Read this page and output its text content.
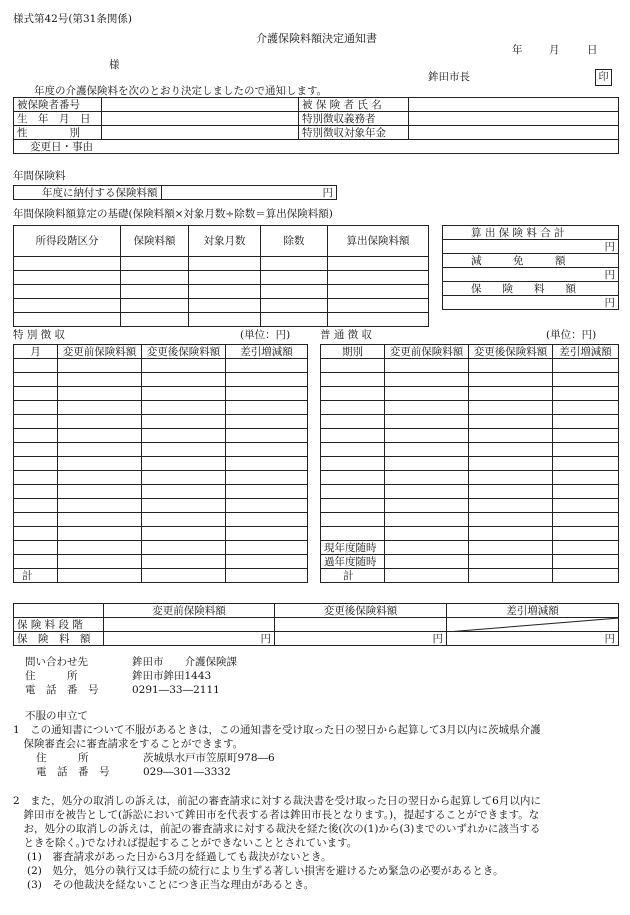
様式第42号(第31条関係)
介護保険料額決定通知書
年	月	日
様
鉾田市長	印
年度の介護保険料を次のとおり決定しましたので通知します。
被保険者番号		被 保 険 者 氏 名	
生　年　月　日		特別徴収義務者	
性　　　　別		特別徴収対象年金	
変更日・事由			
年間保険料
年度に納付する保険料額	円
年間保険料額算定の基礎(保険料額×対象月数÷除数＝算出保険料額)
所得段階区分	保険料額	対象月数	除数	算出保険料額

算 出 保 険 料 合 計
円
減　　　免　　　額
円
保　　険　　料　　額
円
特 別 徴 収	(単位：円)
月	変更前保険料額	変更後保険料額	差引増減額

計			
普 通 徴 収	(単位：円)
期別	変更前保険料額	変更後保険料額	差引増減額

現年度随時			
過年度随時			
計			
	変更前保険料額	変更後保険料額	差引増減額
保 険 料 段 階			

保　険　料　額	円	円	円
問い合わせ先	鉾田市　　介護保険課
住　　　所	鉾田市鉾田1443
電　話　番　号	0291―33―2111
不服の申立て
1　この通知書について不服があるときは，この通知書を受け取った日の翌日から起算して3月以内に茨城県介護
　保険審査会に審査請求をすることができます。
住　　　所	茨城県水戸市笠原町978―6
電　話　番　号	029―301―3332
2　また，処分の取消しの訴えは，前記の審査請求に対する裁決書を受け取った日の翌日から起算して6月以内に
　鉾田市を被告として(訴訟において鉾田市を代表する者は鉾田市長となります。)，提起することができます。な
　お，処分の取消しの訴えは，前記の審査請求に対する裁決を経た後(次の(1)から(3)までのいずれかに該当する
　ときを除く。)でなければ提起することができないこととされています。
(1)　審査請求があった日から3月を経過しても裁決がないとき。
(2)　処分，処分の執行又は手続の続行により生ずる著しい損害を避けるため緊急の必要があるとき。
(3)　その他裁決を経ないことにつき正当な理由があるとき。
